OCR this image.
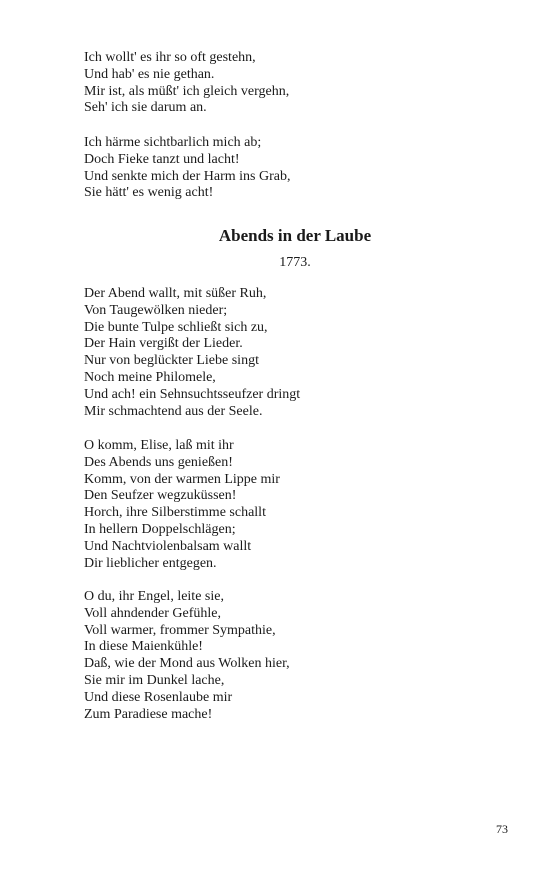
Ich wollt' es ihr so oft gestehn,
Und hab' es nie gethan.
Mir ist, als müßt' ich gleich vergehn,
Seh' ich sie darum an.
Ich härme sichtbarlich mich ab;
Doch Fieke tanzt und lacht!
Und senkte mich der Harm ins Grab,
Sie hätt' es wenig acht!
Abends in der Laube
1773.
Der Abend wallt, mit süßer Ruh,
Von Taugewölken nieder;
Die bunte Tulpe schließt sich zu,
Der Hain vergißt der Lieder.
Nur von beglückter Liebe singt
Noch meine Philomele,
Und ach! ein Sehnsuchtsseufzer dringt
Mir schmachtend aus der Seele.
O komm, Elise, laß mit ihr
Des Abends uns genießen!
Komm, von der warmen Lippe mir
Den Seufzer wegzuküssen!
Horch, ihre Silberstimme schallt
In hellern Doppelschlägen;
Und Nachtviolenbalsam wallt
Dir lieblicher entgegen.
O du, ihr Engel, leite sie,
Voll ahndender Gefühle,
Voll warmer, frommer Sympathie,
In diese Maienkühle!
Daß, wie der Mond aus Wolken hier,
Sie mir im Dunkel lache,
Und diese Rosenlaube mir
Zum Paradiese mache!
73
